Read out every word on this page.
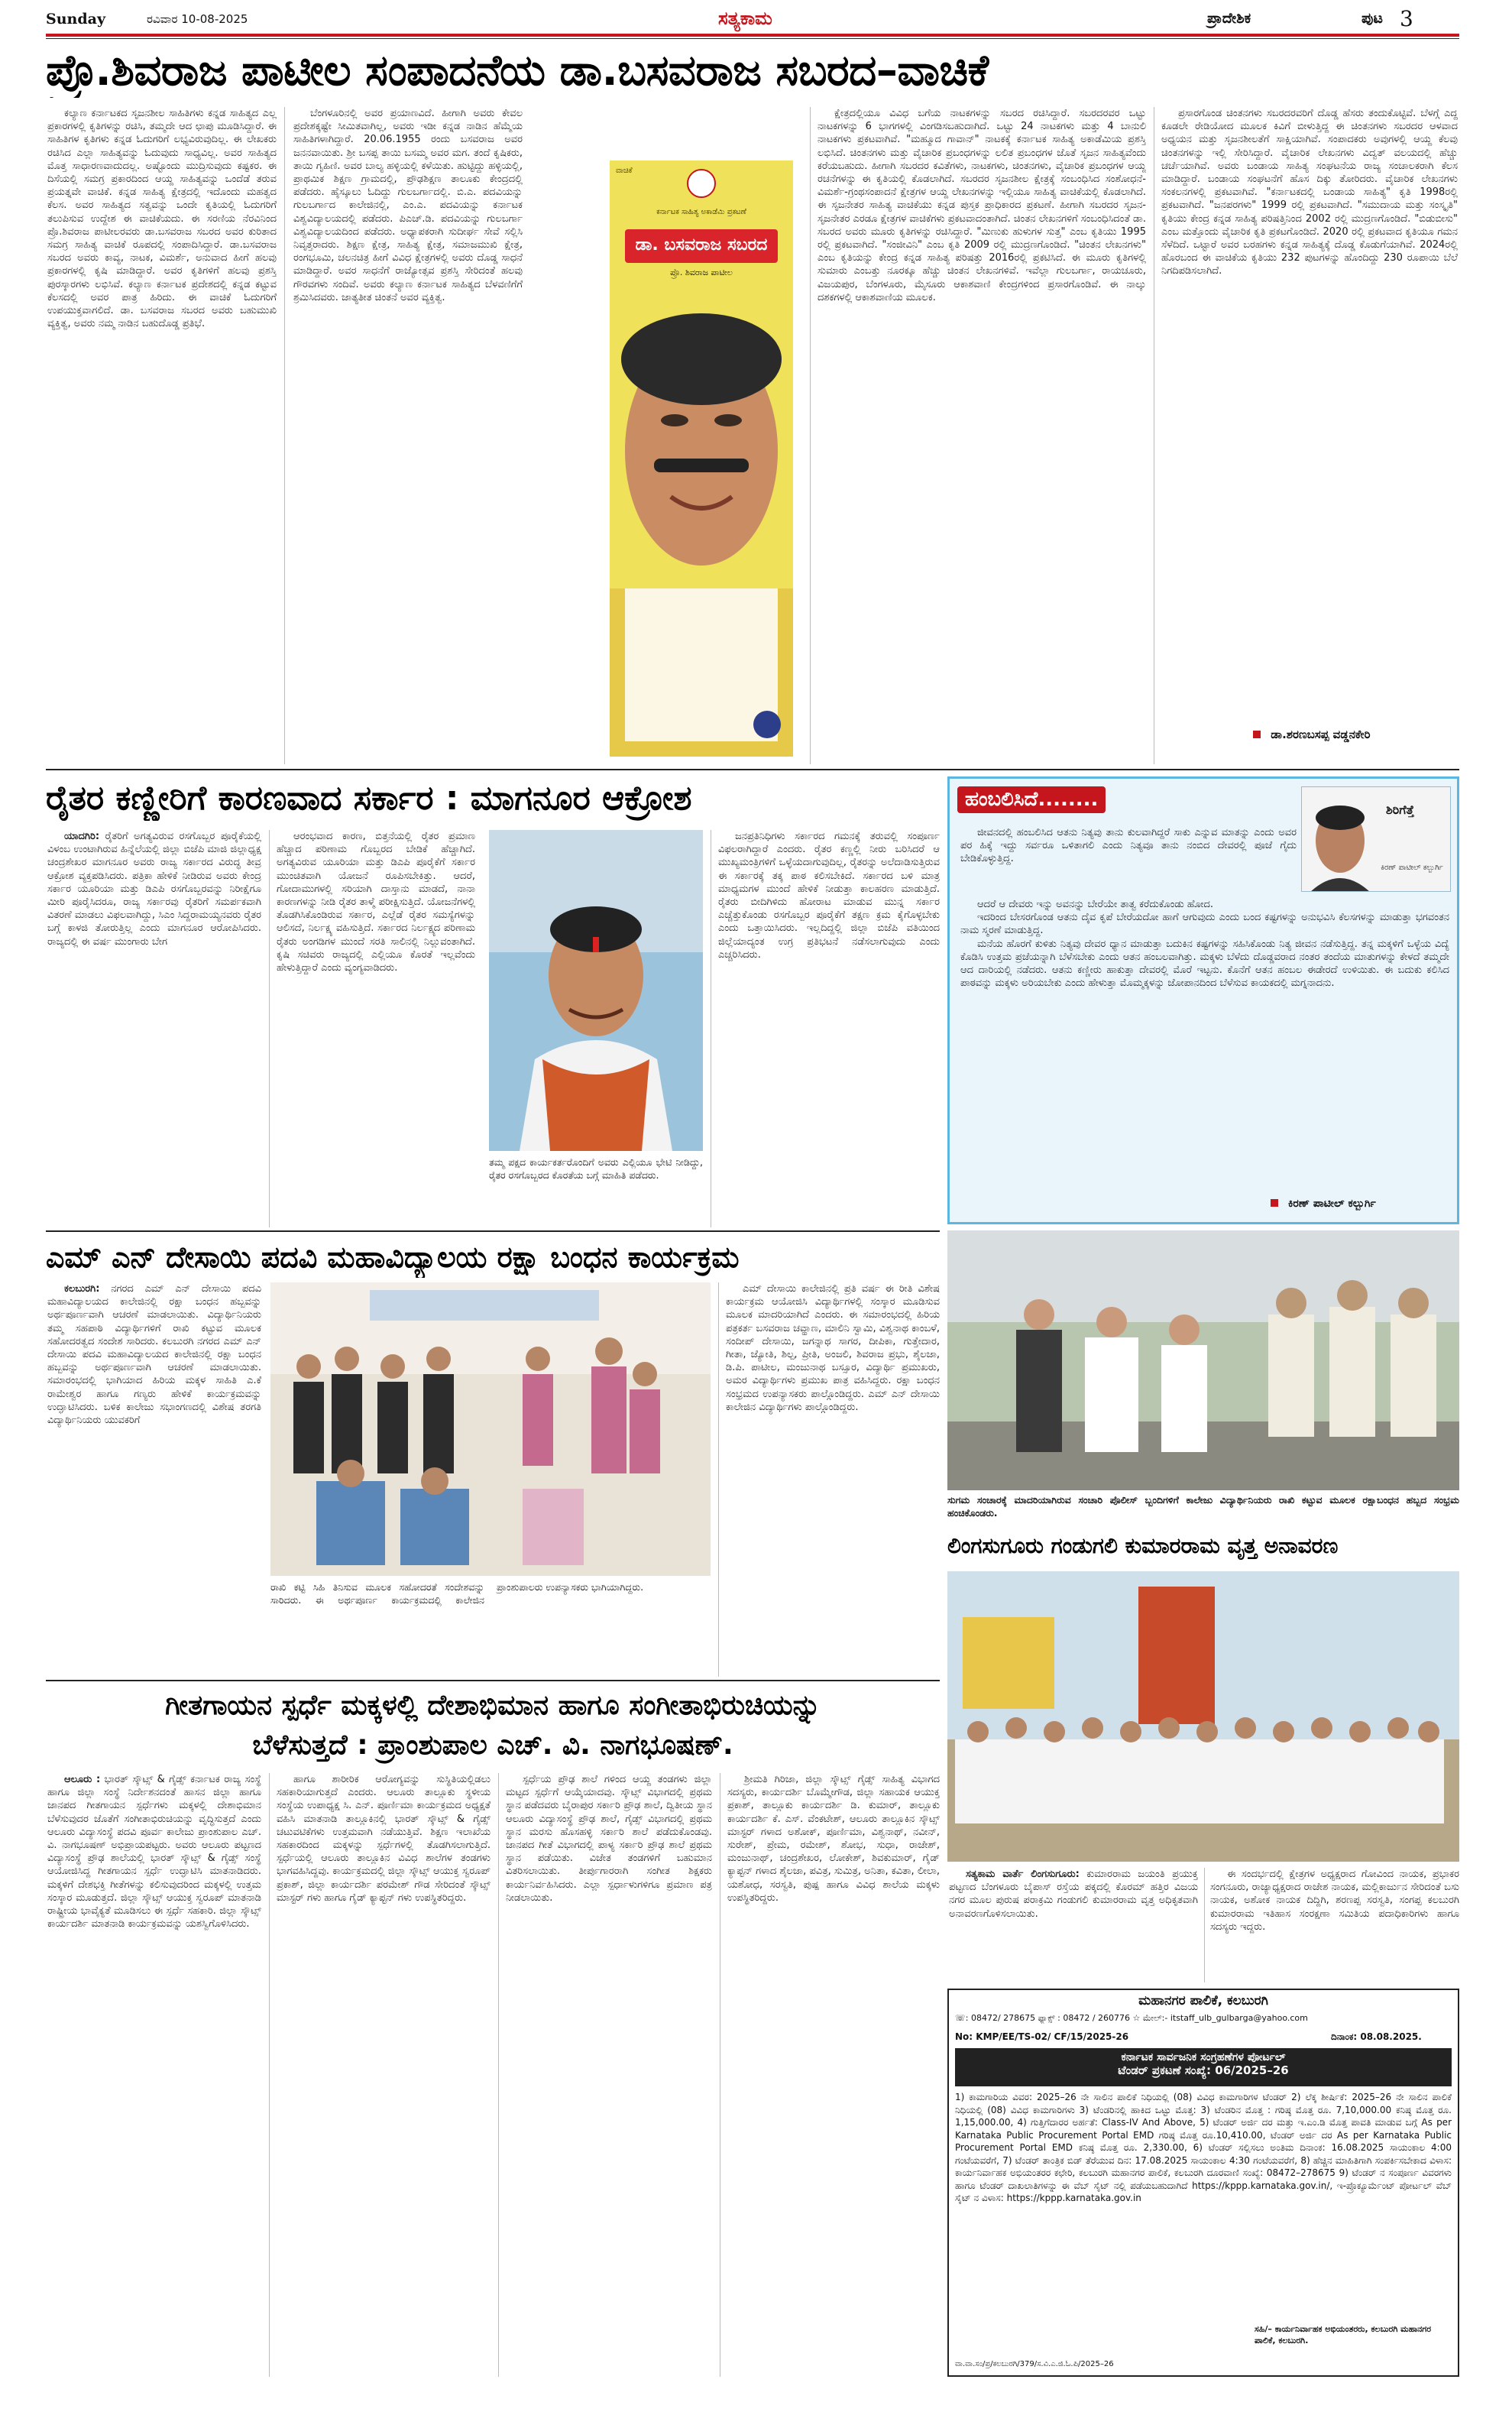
Sunday	ರವಿವಾರ 10-08-2025	ಸತ್ಯಕಾಮ	ಪ್ರಾದೇಶಿಕ	ಪುಟ 3
ಪ್ರೊ.ಶಿವರಾಜ ಪಾಟೀಲ ಸಂಪಾದನೆಯ ಡಾ.ಬಸವರಾಜ ಸಬರದ–ವಾಚಿಕೆ

ಕಲ್ಯಾಣ ಕರ್ನಾಟಕದ ಸೃಜನಶೀಲ ಸಾಹಿತಿಗಳು ಕನ್ನಡ ಸಾಹಿತ್ಯದ ಎಲ್ಲ ಪ್ರಕಾರಗಳಲ್ಲಿ ಕೃತಿಗಳನ್ನು ರಚಿಸಿ, ತಮ್ಮದೇ ಆದ ಛಾಪು ಮೂಡಿಸಿದ್ದಾರೆ. ಈ ಸಾಹಿತಿಗಳ ಕೃತಿಗಳು ಕನ್ನಡ ಓದುಗರಿಗೆ ಲಭ್ಯವಿರುವುದಿಲ್ಲ. ಈ ಲೇಖಕರು ರಚಿಸಿದ ಎಲ್ಲಾ ಸಾಹಿತ್ಯವನ್ನು ಓದುವುದು ಸಾಧ್ಯವಿಲ್ಲ. ಅವರ ಸಾಹಿತ್ಯದ ಮೊತ್ತ ಸಾಧಾರಣವಾದುದಲ್ಲ. ಅಷ್ಟೊಂದು ಮುದ್ರಿಸುವುದು ಕಷ್ಟಕರ. ಈ ದಿಸೆಯಲ್ಲಿ ಸಮಗ್ರ ಪ್ರಕಾರದಿಂದ ಆಯ್ದ ಸಾಹಿತ್ಯವನ್ನು ಒಂದೆಡೆ ತರುವ ಪ್ರಯತ್ನವೇ ವಾಚಿಕೆ. ಕನ್ನಡ ಸಾಹಿತ್ಯ ಕ್ಷೇತ್ರದಲ್ಲಿ ಇದೊಂದು ಮಹತ್ವದ ಕೆಲಸ. ಅವರ ಸಾಹಿತ್ಯದ ಸತ್ವವನ್ನು ಒಂದೇ ಕೃತಿಯಲ್ಲಿ ಓದುಗರಿಗೆ ತಲುಪಿಸುವ ಉದ್ದೇಶ ಈ ವಾಚಿಕೆಯದು. ಈ ಸರಣಿಯ ನೆರವಿನಿಂದ ಪ್ರೊ.ಶಿವರಾಜ ಪಾಟೀಲರವರು ಡಾ.ಬಸವರಾಜ ಸಬರದ ಅವರ ಕುರಿತಾದ ಸಮಗ್ರ ಸಾಹಿತ್ಯ ವಾಚಿಕೆ ರೂಪದಲ್ಲಿ ಸಂಪಾದಿಸಿದ್ದಾರೆ. ಡಾ.ಬಸವರಾಜ ಸಬರದ ಅವರು ಕಾವ್ಯ, ನಾಟಕ, ವಿಮರ್ಶೆ, ಅನುವಾದ ಹೀಗೆ ಹಲವು ಪ್ರಕಾರಗಳಲ್ಲಿ ಕೃಷಿ ಮಾಡಿದ್ದಾರೆ. ಅವರ ಕೃತಿಗಳಿಗೆ ಹಲವು ಪ್ರಶಸ್ತಿ ಪುರಸ್ಕಾರಗಳು ಲಭಿಸಿವೆ. ಕಲ್ಯಾಣ ಕರ್ನಾಟಕ ಪ್ರದೇಶದಲ್ಲಿ ಕನ್ನಡ ಕಟ್ಟುವ ಕೆಲಸದಲ್ಲಿ ಅವರ ಪಾತ್ರ ಹಿರಿದು. ಈ ವಾಚಿಕೆ ಓದುಗರಿಗೆ ಉಪಯುಕ್ತವಾಗಲಿದೆ. ಡಾ. ಬಸವರಾಜ ಸಬರದ ಅವರು ಬಹುಮುಖಿ ವ್ಯಕ್ತಿತ್ವ, ಅವರು ನಮ್ಮ ನಾಡಿನ ಬಹುದೊಡ್ಡ ಪ್ರತಿಭೆ.

ಬೆಂಗಳೂರಿನಲ್ಲಿ ಅವರ ಪ್ರಯಾಣವಿದೆ. ಹೀಗಾಗಿ ಅವರು ಕೇವಲ ಪ್ರದೇಶಕ್ಕಷ್ಟೇ ಸೀಮಿತವಾಗಿಲ್ಲ, ಅವರು ಇಡೀ ಕನ್ನಡ ನಾಡಿನ ಹೆಮ್ಮೆಯ ಸಾಹಿತಿಗಳಾಗಿದ್ದಾರೆ. 20.06.1955 ರಂದು ಬಸವರಾಜ ಅವರ ಜನನವಾಯಿತು. ಶ್ರೀ ಬಸಪ್ಪ ತಾಯಿ ಬಸಮ್ಮ ಅವರ ಮಗ. ತಂದೆ ಕೃಷಿಕರು, ತಾಯಿ ಗೃಹಿಣಿ. ಅವರ ಬಾಲ್ಯ ಹಳ್ಳಿಯಲ್ಲಿ ಕಳೆಯಿತು. ಹುಟ್ಟಿದ್ದು ಹಳ್ಳಿಯಲ್ಲಿ, ಪ್ರಾಥಮಿಕ ಶಿಕ್ಷಣ ಗ್ರಾಮದಲ್ಲಿ, ಪ್ರೌಢಶಿಕ್ಷಣ ತಾಲೂಕು ಕೇಂದ್ರದಲ್ಲಿ ಪಡೆದರು. ಹೈಸ್ಕೂಲು ಓದಿದ್ದು ಗುಲಬರ್ಗಾದಲ್ಲಿ. ಬಿ.ಎ. ಪದವಿಯನ್ನು ಗುಲಬರ್ಗಾದ ಕಾಲೇಜಿನಲ್ಲಿ, ಎಂ.ಎ. ಪದವಿಯನ್ನು ಕರ್ನಾಟಕ ವಿಶ್ವವಿದ್ಯಾಲಯದಲ್ಲಿ ಪಡೆದರು. ಪಿಎಚ್.ಡಿ. ಪದವಿಯನ್ನು ಗುಲಬರ್ಗಾ ವಿಶ್ವವಿದ್ಯಾಲಯದಿಂದ ಪಡೆದರು. ಅಧ್ಯಾಪಕರಾಗಿ ಸುದೀರ್ಘ ಸೇವೆ ಸಲ್ಲಿಸಿ ನಿವೃತ್ತರಾದರು. ಶಿಕ್ಷಣ ಕ್ಷೇತ್ರ, ಸಾಹಿತ್ಯ ಕ್ಷೇತ್ರ, ಸಮಾಜಮುಖಿ ಕ್ಷೇತ್ರ, ರಂಗಭೂಮಿ, ಚಲನಚಿತ್ರ ಹೀಗೆ ವಿವಿಧ ಕ್ಷೇತ್ರಗಳಲ್ಲಿ ಅವರು ದೊಡ್ಡ ಸಾಧನೆ ಮಾಡಿದ್ದಾರೆ. ಅವರ ಸಾಧನೆಗೆ ರಾಜ್ಯೋತ್ಸವ ಪ್ರಶಸ್ತಿ ಸೇರಿದಂತೆ ಹಲವು ಗೌರವಗಳು ಸಂದಿವೆ. ಅವರು ಕಲ್ಯಾಣ ಕರ್ನಾಟಕ ಸಾಹಿತ್ಯದ ಬೆಳವಣಿಗೆಗೆ ಶ್ರಮಿಸಿದವರು. ಜಾತ್ಯತೀತ ಚಿಂತನೆ ಅವರ ವ್ಯಕ್ತಿತ್ವ.

ವಾಚಿಕೆ
ಕರ್ನಾಟಕ ಸಾಹಿತ್ಯ ಅಕಾಡೆಮಿ ಪ್ರಕಟಣೆ
ಡಾ. ಬಸವರಾಜ ಸಬರದ
ಪ್ರೊ. ಶಿವರಾಜ ಪಾಟೀಲ

ಕ್ಷೇತ್ರದಲ್ಲಿಯೂ ವಿವಿಧ ಬಗೆಯ ನಾಟಕಗಳನ್ನು ಸಬರದ ರಚಿಸಿದ್ದಾರೆ. ಸಬರದರವರ ಒಟ್ಟು ನಾಟಕಗಳನ್ನು 6 ಭಾಗಗಳಲ್ಲಿ ವಿಂಗಡಿಸಬಹುದಾಗಿದೆ. ಒಟ್ಟು 24 ನಾಟಕಗಳು ಮತ್ತು 4 ಬಾನುಲಿ ನಾಟಕಗಳು ಪ್ರಕಟವಾಗಿವೆ. "ಮಹ್ಮೂದ ಗಾವಾನ್" ನಾಟಕಕ್ಕೆ ಕರ್ನಾಟಕ ಸಾಹಿತ್ಯ ಅಕಾಡೆಮಿಯ ಪ್ರಶಸ್ತಿ ಲಭಿಸಿದೆ. ಚಿಂತನಗಳು ಮತ್ತು ವೈಚಾರಿಕ ಪ್ರಬಂಧಗಳನ್ನು ಲಲಿತ ಪ್ರಬಂಧಗಳ ಜೊತೆ ಸೃಜನ ಸಾಹಿತ್ಯವೆಂದು ಕರೆಯಬಹುದು. ಹೀಗಾಗಿ ಸಬರದರ ಕವಿತೆಗಳು, ನಾಟಕಗಳು, ಚಿಂತನಗಳು, ವೈಚಾರಿಕ ಪ್ರಬಂಧಗಳ ಆಯ್ದ ರಚನೆಗಳನ್ನು ಈ ಕೃತಿಯಲ್ಲಿ ಕೊಡಲಾಗಿದೆ. ಸಬರದರ ಸೃಜನಶೀಲ ಕ್ಷೇತ್ರಕ್ಕೆ ಸಂಬಂಧಿಸಿದ ಸಂಶೋಧನೆ-ವಿಮರ್ಶೆ-ಗ್ರಂಥಸಂಪಾದನೆ ಕ್ಷೇತ್ರಗಳ ಆಯ್ದ ಲೇಖನಗಳನ್ನು ಇಲ್ಲಿಯೂ ಸಾಹಿತ್ಯ ವಾಚಿಕೆಯಲ್ಲಿ ಕೊಡಲಾಗಿದೆ. ಈ ಸೃಜನೇತರ ಸಾಹಿತ್ಯ ವಾಚಿಕೆಯು ಕನ್ನಡ ಪುಸ್ತಕ ಪ್ರಾಧಿಕಾರದ ಪ್ರಕಟಣೆ. ಹೀಗಾಗಿ ಸಬರದರ ಸೃಜನ-ಸೃಜನೇತರ ಎರಡೂ ಕ್ಷೇತ್ರಗಳ ವಾಚಿಕೆಗಳು ಪ್ರಕಟವಾದಂತಾಗಿದೆ. ಚಿಂತನ ಲೇಖನಗಳಿಗೆ ಸಂಬಂಧಿಸಿದಂತೆ ಡಾ. ಸಬರದ ಅವರು ಮೂರು ಕೃತಿಗಳನ್ನು ರಚಿಸಿದ್ದಾರೆ. "ಮಿಣುಕು ಹುಳುಗಳ ಸುತ್ತ" ಎಂಬ ಕೃತಿಯು 1995 ರಲ್ಲಿ ಪ್ರಕಟವಾಗಿದೆ. "ಸಂಜೀವಿನಿ" ಎಂಬ ಕೃತಿ 2009 ರಲ್ಲಿ ಮುದ್ರಣಗೊಂಡಿದೆ. "ಚಿಂತನ ಲೇಖನಗಳು" ಎಂಬ ಕೃತಿಯನ್ನು ಕೇಂದ್ರ ಕನ್ನಡ ಸಾಹಿತ್ಯ ಪರಿಷತ್ತು 2016ರಲ್ಲಿ ಪ್ರಕಟಿಸಿದೆ. ಈ ಮೂರು ಕೃತಿಗಳಲ್ಲಿ ಸುಮಾರು ಎಂಬತ್ತು ನೂರಕ್ಕೂ ಹೆಚ್ಚು ಚಿಂತನ ಲೇಖನಗಳಿವೆ. ಇವೆಲ್ಲಾ ಗುಲಬರ್ಗಾ, ರಾಯಚೂರು, ವಿಜಯಪುರ, ಬೆಂಗಳೂರು, ಮೈಸೂರು ಆಕಾಶವಾಣಿ ಕೇಂದ್ರಗಳಿಂದ ಪ್ರಸಾರಗೊಂಡಿವೆ. ಈ ನಾಲ್ಕು ದಶಕಗಳಲ್ಲಿ ಆಕಾಶವಾಣಿಯ ಮೂಲಕ.

ಪ್ರಸಾರಗೊಂಡ ಚಿಂತನಗಳು ಸಬರದರವರಿಗೆ ದೊಡ್ಡ ಹೆಸರು ತಂದುಕೊಟ್ಟಿವೆ. ಬೆಳಗ್ಗೆ ಎದ್ದ ಕೂಡಲೇ ರೇಡಿಯೋದ ಮೂಲಕ ಕಿವಿಗೆ ಬೀಳುತ್ತಿದ್ದ ಈ ಚಿಂತನಗಳು ಸಬರದರ ಆಳವಾದ ಅಧ್ಯಯನ ಮತ್ತು ಸೃಜನಶೀಲತೆಗೆ ಸಾಕ್ಷಿಯಾಗಿವೆ. ಸಂಪಾದಕರು ಅವುಗಳಲ್ಲಿ ಆಯ್ದ ಕೆಲವು ಚಿಂತನಗಳನ್ನು ಇಲ್ಲಿ ಸೇರಿಸಿದ್ದಾರೆ. ವೈಚಾರಿಕ ಲೇಖನಗಳು ವಿದ್ವತ್ ವಲಯದಲ್ಲಿ ಹೆಚ್ಚು ಚರ್ಚೆಯಾಗಿವೆ. ಅವರು ಬಂಡಾಯ ಸಾಹಿತ್ಯ ಸಂಘಟನೆಯ ರಾಜ್ಯ ಸಂಚಾಲಕರಾಗಿ ಕೆಲಸ ಮಾಡಿದ್ದಾರೆ. ಬಂಡಾಯ ಸಂಘಟನೆಗೆ ಹೊಸ ದಿಕ್ಕು ತೋರಿದರು. ವೈಚಾರಿಕ ಲೇಖನಗಳು ಸಂಕಲನಗಳಲ್ಲಿ ಪ್ರಕಟವಾಗಿವೆ. "ಕರ್ನಾಟಕದಲ್ಲಿ ಬಂಡಾಯ ಸಾಹಿತ್ಯ" ಕೃತಿ 1998ರಲ್ಲಿ ಪ್ರಕಟವಾಗಿದೆ. "ಜನಪರಗಳು" 1999 ರಲ್ಲಿ ಪ್ರಕಟವಾಗಿದೆ. "ಸಮುದಾಯ ಮತ್ತು ಸಂಸ್ಕೃತಿ" ಕೃತಿಯು ಕೇಂದ್ರ ಕನ್ನಡ ಸಾಹಿತ್ಯ ಪರಿಷತ್ತಿನಿಂದ 2002 ರಲ್ಲಿ ಮುದ್ರಣಗೊಂಡಿದೆ. "ಬಿಡುಬೀಸು" ಎಂಬ ಮತ್ತೊಂದು ವೈಚಾರಿಕ ಕೃತಿ ಪ್ರಕಟಗೊಂಡಿದೆ. 2020 ರಲ್ಲಿ ಪ್ರಕಟವಾದ ಕೃತಿಯೂ ಗಮನ ಸೆಳೆದಿದೆ. ಒಟ್ಟಾರೆ ಅವರ ಬರಹಗಳು ಕನ್ನಡ ಸಾಹಿತ್ಯಕ್ಕೆ ದೊಡ್ಡ ಕೊಡುಗೆಯಾಗಿವೆ. 2024ರಲ್ಲಿ ಹೊರಬಂದ ಈ ವಾಚಿಕೆಯ ಕೃತಿಯು 232 ಪುಟಗಳನ್ನು ಹೊಂದಿದ್ದು 230 ರೂಪಾಯಿ ಬೆಲೆ ನಿಗದಿಪಡಿಸಲಾಗಿದೆ.

ಡಾ.ಶರಣಬಸಪ್ಪ ವಡ್ಡನಕೇರಿ
ರೈತರ ಕಣ್ಣೀರಿಗೆ ಕಾರಣವಾದ ಸರ್ಕಾರ : ಮಾಗನೂರ ಆಕ್ರೋಶ

ಯಾದಗಿರಿ: ರೈತರಿಗೆ ಅಗತ್ಯವಿರುವ ರಸಗೊಬ್ಬರ ಪೂರೈಕೆಯಲ್ಲಿ ವಿಳಂಬ ಉಂಟಾಗಿರುವ ಹಿನ್ನೆಲೆಯಲ್ಲಿ ಜಿಲ್ಲಾ ಬಿಜೆಪಿ ಮಾಜಿ ಜಿಲ್ಲಾಧ್ಯಕ್ಷ ಚಂದ್ರಶೇಖರ ಮಾಗನೂರ ಅವರು ರಾಜ್ಯ ಸರ್ಕಾರದ ವಿರುದ್ಧ ತೀವ್ರ ಆಕ್ರೋಶ ವ್ಯಕ್ತಪಡಿಸಿದರು. ಪತ್ರಿಕಾ ಹೇಳಿಕೆ ನೀಡಿರುವ ಅವರು ಕೇಂದ್ರ ಸರ್ಕಾರ ಯೂರಿಯಾ ಮತ್ತು ಡಿಎಪಿ ರಸಗೊಬ್ಬರವನ್ನು ನಿರೀಕ್ಷೆಗೂ ಮೀರಿ ಪೂರೈಸಿದರೂ, ರಾಜ್ಯ ಸರ್ಕಾರವು ರೈತರಿಗೆ ಸಮರ್ಪಕವಾಗಿ ವಿತರಣೆ ಮಾಡಲು ವಿಫಲವಾಗಿದ್ದು, ಸಿಎಂ ಸಿದ್ದರಾಮಯ್ಯನವರು ರೈತರ ಬಗ್ಗೆ ಕಾಳಜಿ ತೋರುತ್ತಿಲ್ಲ ಎಂದು ಮಾಗನೂರ ಆರೋಪಿಸಿದರು. ರಾಜ್ಯದಲ್ಲಿ ಈ ವರ್ಷ ಮುಂಗಾರು ಬೇಗ

ಆರಂಭವಾದ ಕಾರಣ, ಬಿತ್ತನೆಯಲ್ಲಿ ರೈತರ ಪ್ರಮಾಣ ಹೆಚ್ಚಾದ ಪರಿಣಾಮ ಗೊಬ್ಬರದ ಬೇಡಿಕೆ ಹೆಚ್ಚಾಗಿದೆ. ಅಗತ್ಯವಿರುವ ಯೂರಿಯಾ ಮತ್ತು ಡಿಎಪಿ ಪೂರೈಕೆಗೆ ಸರ್ಕಾರ ಮುಂಚಿತವಾಗಿ ಯೋಜನೆ ರೂಪಿಸಬೇಕಿತ್ತು. ಆದರೆ, ಗೋದಾಮುಗಳಲ್ಲಿ ಸರಿಯಾಗಿ ದಾಸ್ತಾನು ಮಾಡದೆ, ನಾನಾ ಕಾರಣಗಳನ್ನು ನೀಡಿ ರೈತರ ತಾಳ್ಮೆ ಪರೀಕ್ಷಿಸುತ್ತಿದೆ. ಯೋಜನೆಗಳಲ್ಲಿ ತೊಡಗಿಸಿಕೊಂಡಿರುವ ಸರ್ಕಾರ, ಎಲ್ಲೆಡೆ ರೈತರ ಸಮಸ್ಯೆಗಳನ್ನು ಆಲಿಸದೆ, ನಿರ್ಲಕ್ಷ್ಯ ವಹಿಸುತ್ತಿದೆ. ಸರ್ಕಾರದ ನಿರ್ಲಕ್ಷ್ಯದ ಪರಿಣಾಮ ರೈತರು ಅಂಗಡಿಗಳ ಮುಂದೆ ಸರತಿ ಸಾಲಿನಲ್ಲಿ ನಿಲ್ಲುವಂತಾಗಿದೆ. ಕೃಷಿ ಸಚಿವರು ರಾಜ್ಯದಲ್ಲಿ ಎಲ್ಲಿಯೂ ಕೊರತೆ ಇಲ್ಲವೆಂದು ಹೇಳುತ್ತಿದ್ದಾರೆ ಎಂದು ವ್ಯಂಗ್ಯವಾಡಿದರು.

ತಮ್ಮ ಪಕ್ಷದ ಕಾರ್ಯಕರ್ತರೊಂದಿಗೆ ಅವರು ಎಲ್ಲಿಯೂ ಭೇಟಿ ನೀಡಿದ್ದು, ರೈತರ ರಸಗೊಬ್ಬರದ ಕೊರತೆಯ ಬಗ್ಗೆ ಮಾಹಿತಿ ಪಡೆದರು.

ಜನಪ್ರತಿನಿಧಿಗಳು ಸರ್ಕಾರದ ಗಮನಕ್ಕೆ ತರುವಲ್ಲಿ ಸಂಪೂರ್ಣ ವಿಫಲರಾಗಿದ್ದಾರೆ ಎಂದರು. ರೈತರ ಕಣ್ಣಲ್ಲಿ ನೀರು ಬರಿಸಿದರೆ ಆ ಮುಖ್ಯಮಂತ್ರಿಗಳಿಗೆ ಒಳ್ಳೆಯದಾಗುವುದಿಲ್ಲ, ರೈತರನ್ನು ಅಲೆದಾಡಿಸುತ್ತಿರುವ ಈ ಸರ್ಕಾರಕ್ಕೆ ತಕ್ಕ ಪಾಠ ಕಲಿಸಬೇಕಿದೆ. ಸರ್ಕಾರದ ಬಳಿ ಮಾತ್ರ ಮಾಧ್ಯಮಗಳ ಮುಂದೆ ಹೇಳಿಕೆ ನೀಡುತ್ತಾ ಕಾಲಹರಣ ಮಾಡುತ್ತಿದೆ. ರೈತರು ಬೀದಿಗಿಳಿದು ಹೋರಾಟ ಮಾಡುವ ಮುನ್ನ ಸರ್ಕಾರ ಎಚ್ಚೆತ್ತುಕೊಂಡು ರಸಗೊಬ್ಬರ ಪೂರೈಕೆಗೆ ತಕ್ಷಣ ಕ್ರಮ ಕೈಗೊಳ್ಳಬೇಕು ಎಂದು ಒತ್ತಾಯಿಸಿದರು. ಇಲ್ಲದಿದ್ದಲ್ಲಿ ಜಿಲ್ಲಾ ಬಿಜೆಪಿ ವತಿಯಿಂದ ಜಿಲ್ಲೆಯಾದ್ಯಂತ ಉಗ್ರ ಪ್ರತಿಭಟನೆ ನಡೆಸಲಾಗುವುದು ಎಂದು ಎಚ್ಚರಿಸಿದರು.

ಹಂಬಲಿಸಿದೆ........	ಶಿರಿಗೆತ್ತೆ
ಕಿರಣ್ ಪಾಟೀಲ್ ಕಲ್ಬುರ್ಗಿ

ಜೀವನದಲ್ಲಿ ಹಂಬಲಿಸಿದ ಆತನು ನಿತ್ಯವು ತಾನು ಕುಲವಾಗಿದ್ದರೆ ಸಾಕು ಎನ್ನುವ ಮಾತನ್ನು ಎಂದು ಅವರ ಪರ ಹಿಕ್ಕೆ ಇದ್ದು ಸರ್ವರೂ ಒಳಿತಾಗಲಿ ಎಂದು ನಿತ್ಯವೂ ತಾನು ನಂಬಿದ ದೇವರಲ್ಲಿ ಪೂಜೆ ಗೈದು ಬೇಡಿಕೊಳ್ಳುತ್ತಿದ್ದ.

ಆದರೆ ಆ ದೇವರು ಇನ್ನು ಅವನನ್ನು ಬೇರೆಯೇ ತಾತ್ವ ಕರೆದುಕೊಂಡು ಹೋದ.

ಇದರಿಂದ ಬೇಸರಗೊಂಡ ಆತನು ದೈವ ಕೃಪೆ ಬೇರೆಯದೋ ಹಾಗೆ ಆಗುವುದು ಎಂದು ಬಂದ ಕಷ್ಟಗಳನ್ನು ಅನುಭವಿಸಿ ಕೆಲಸಗಳನ್ನು ಮಾಡುತ್ತಾ ಭಗವಂತನ ನಾಮ ಸ್ಮರಣೆ ಮಾಡುತ್ತಿದ್ದ.

ಮನೆಯ ಹೊರಗೆ ಕುಳಿತು ನಿತ್ಯವು ದೇವರ ಧ್ಯಾನ ಮಾಡುತ್ತಾ ಬದುಕಿನ ಕಷ್ಟಗಳನ್ನು ಸಹಿಸಿಕೊಂಡು ನಿತ್ಯ ಜೀವನ ನಡೆಸುತ್ತಿದ್ದ. ತನ್ನ ಮಕ್ಕಳಿಗೆ ಒಳ್ಳೆಯ ವಿದ್ಯೆ ಕೊಡಿಸಿ ಉತ್ತಮ ಪ್ರಜೆಯನ್ನಾಗಿ ಬೆಳೆಸಬೇಕು ಎಂದು ಆತನ ಹಂಬಲವಾಗಿತ್ತು. ಮಕ್ಕಳು ಬೆಳೆದು ದೊಡ್ಡವರಾದ ನಂತರ ತಂದೆಯ ಮಾತುಗಳನ್ನು ಕೇಳದೆ ತಮ್ಮದೇ ಆದ ದಾರಿಯಲ್ಲಿ ನಡೆದರು. ಆತನು ಕಣ್ಣೀರು ಹಾಕುತ್ತಾ ದೇವರಲ್ಲಿ ಮೊರೆ ಇಟ್ಟನು. ಕೊನೆಗೆ ಆತನ ಹಂಬಲ ಈಡೇರದೆ ಉಳಿಯಿತು. ಈ ಬದುಕು ಕಲಿಸಿದ ಪಾಠವನ್ನು ಮಕ್ಕಳು ಅರಿಯಬೇಕು ಎಂದು ಹೇಳುತ್ತಾ ಮೊಮ್ಮಕ್ಕಳನ್ನು ಜೋಪಾನದಿಂದ ಬೆಳೆಸುವ ಕಾಯಕದಲ್ಲಿ ಮಗ್ನನಾದನು.

ಕಿರಣ್ ಪಾಟೀಲ್ ಕಲ್ಬುರ್ಗಿ
ಸುಗಮ ಸಂಚಾರಕ್ಕೆ ಮಾದರಿಯಾಗಿರುವ ಸಂಚಾರಿ ಪೊಲೀಸ್ ಬ್ಬಂದಿಗಳಿಗೆ ಕಾಲೇಜು ವಿದ್ಯಾರ್ಥಿನಿಯರು ರಾಖಿ ಕಟ್ಟುವ ಮೂಲಕ ರಕ್ಷಾಬಂಧನ ಹಬ್ಬದ ಸಂಭ್ರಮ ಹಂಚಿಕೊಂಡರು.
ಎಮ್ ಎನ್ ದೇಸಾಯಿ ಪದವಿ ಮಹಾವಿದ್ಯಾಲಯ ರಕ್ಷಾ ಬಂಧನ ಕಾರ್ಯಕ್ರಮ

ಕಲಬುರಗಿ: ನಗರದ ಎಮ್ ಎನ್ ದೇಸಾಯಿ ಪದವಿ ಮಹಾವಿದ್ಯಾಲಯದ ಕಾಲೇಜಿನಲ್ಲಿ ರಕ್ಷಾ ಬಂಧನ ಹಬ್ಬವನ್ನು ಅರ್ಥಪೂರ್ಣವಾಗಿ ಆಚರಣೆ ಮಾಡಲಾಯಿತು. ವಿದ್ಯಾರ್ಥಿನಿಯರು ತಮ್ಮ ಸಹಪಾಠಿ ವಿದ್ಯಾರ್ಥಿಗಳಿಗೆ ರಾಖಿ ಕಟ್ಟುವ ಮೂಲಕ ಸಹೋದರತ್ವದ ಸಂದೇಶ ಸಾರಿದರು. ಕಲಬುರಗಿ ನಗರದ ಎಮ್ ಎನ್ ದೇಸಾಯಿ ಪದವಿ ಮಹಾವಿದ್ಯಾಲಯದ ಕಾಲೇಜಿನಲ್ಲಿ ರಕ್ಷಾ ಬಂಧನ ಹಬ್ಬವನ್ನು ಅರ್ಥಪೂರ್ಣವಾಗಿ ಆಚರಣೆ ಮಾಡಲಾಯಿತು. ಸಮಾರಂಭದಲ್ಲಿ ಭಾಗಿಯಾದ ಹಿರಿಯ ಮಕ್ಕಳ ಸಾಹಿತಿ ಎ.ಕೆ ರಾಮೇಶ್ವರ ಹಾಗೂ ಗಣ್ಯರು ಹೇಳಿಕೆ ಕಾರ್ಯಕ್ರಮವನ್ನು ಉದ್ಘಾಟಿಸಿದರು. ಬಳಿಕ ಕಾಲೇಜು ಸಭಾಂಗಣದಲ್ಲಿ ವಿಶೇಷ ತರಗತಿ ವಿದ್ಯಾರ್ಥಿನಿಯರು ಯುವಕರಿಗೆ

ರಾಖಿ ಕಟ್ಟಿ ಸಿಹಿ ತಿನಿಸುವ ಮೂಲಕ ಸಹೋದರತೆ ಸಂದೇಶವನ್ನು ಸಾರಿದರು. ಈ ಅರ್ಥಪೂರ್ಣ ಕಾರ್ಯಕ್ರಮದಲ್ಲಿ ಕಾಲೇಜಿನ ಪ್ರಾಂಶುಪಾಲರು ಉಪನ್ಯಾಸಕರು ಭಾಗಿಯಾಗಿದ್ದರು.

ಎಮ್ ದೇಸಾಯಿ ಕಾಲೇಜಿನಲ್ಲಿ ಪ್ರತಿ ವರ್ಷ ಈ ರೀತಿ ವಿಶೇಷ ಕಾರ್ಯಕ್ರಮ ಆಯೋಜಿಸಿ ವಿದ್ಯಾರ್ಥಿಗಳಲ್ಲಿ ಸಂಸ್ಕಾರ ಮೂಡಿಸುವ ಮೂಲಕ ಮಾದರಿಯಾಗಿದೆ ಎಂದರು. ಈ ಸಮಾರಂಭದಲ್ಲಿ ಹಿರಿಯ ಪತ್ರಕರ್ತ ಬಸವರಾಜ ಚವ್ಹಾಣ, ಮಾಲಿನಿ ಸ್ವಾಮಿ, ವಿಶ್ವನಾಥ ಕಾಂಬಳೆ, ಸಂದೀಪ್ ದೇಸಾಯಿ, ಜಗನ್ನಾಥ ಸಾಗರ, ದೀಪಿಕಾ, ಗುತ್ತೇದಾರ, ಗೀತಾ, ಜ್ಯೋತಿ, ಶಿಲ್ಪ, ಪ್ರೀತಿ, ಅಂಜಲಿ, ಶಿವರಾಜ ಪ್ರಭು, ಶೈಲಜಾ, ಡಿ.ಪಿ. ಪಾಟೀಲ, ಮಂಜುನಾಥ ಬಸ್ಸೂರ, ವಿದ್ಯಾರ್ಥಿ ಪ್ರಮುಖರು, ಅಮರ ವಿದ್ಯಾರ್ಥಿಗಳು ಪ್ರಮುಖ ಪಾತ್ರ ವಹಿಸಿದ್ದರು. ರಕ್ಷಾ ಬಂಧನ ಸಂಭ್ರಮದ ಉಪನ್ಯಾಸಕರು ಪಾಲ್ಗೊಂಡಿದ್ದರು. ಎಮ್ ಎನ್ ದೇಸಾಯಿ ಕಾಲೇಜಿನ ವಿದ್ಯಾರ್ಥಿಗಳು ಪಾಲ್ಗೊಂಡಿದ್ದರು.

ಲಿಂಗಸುಗೂರು ಗಂಡುಗಲಿ ಕುಮಾರರಾಮ ವೃತ್ತ ಅನಾವರಣ

ಸತ್ಯಕಾಮ ವಾರ್ತೆ ಲಿಂಗಸುಗೂರು: ಕುಮಾರರಾಮ ಜಯಂತಿ ಪ್ರಯುಕ್ತ ಪಟ್ಟಣದ ಬೆಂಗಳೂರು ಬೈಪಾಸ್ ರಸ್ತೆಯ ಪಕ್ಕದಲ್ಲಿ ಕೊರಮ್ ಹತ್ತಿರ ವಿಜಯ ನಗರ ಮೂಲ ಪುರುಷ ಪರಾಕ್ರಮಿ ಗಂಡುಗಲಿ ಕುಮಾರರಾಮ ವೃತ್ತ ಅಧಿಕೃತವಾಗಿ ಅನಾವರಣಗೊಳಿಸಲಾಯಿತು.

ಈ ಸಂದರ್ಭದಲ್ಲಿ ಕ್ಷೇತ್ರಗಳ ಅಧ್ಯಕ್ಷರಾದ ಗೋವಿಂದ ನಾಯಕ, ಪ್ರಭಾಕರ ಸಂಗನೂರು, ರಾಜ್ಯಾಧ್ಯಕ್ಷರಾದ ರಾಜೇಶ ನಾಯಕ, ಮಲ್ಲಿಕಾರ್ಜುನ ಸೇರಿದಂತೆ ಬಸು ನಾಯಕ, ಅಶೋಕ ನಾಯಕ ದಿದ್ದಿಗಿ, ಶರಣಪ್ಪ ಸರಸ್ವತಿ, ಸಂಗಪ್ಪ ಕಲಬುರಗಿ ಕುಮಾರರಾಮ ಇತಿಹಾಸ ಸಂರಕ್ಷಣಾ ಸಮಿತಿಯ ಪದಾಧಿಕಾರಿಗಳು ಹಾಗೂ ಸದಸ್ಯರು ಇದ್ದರು.

ಗೀತಗಾಯನ ಸ್ಪರ್ಧೆ ಮಕ್ಕಳಲ್ಲಿ ದೇಶಾಭಿಮಾನ ಹಾಗೂ ಸಂಗೀತಾಭಿರುಚಿಯನ್ನು
ಬೆಳೆಸುತ್ತದೆ : ಪ್ರಾಂಶುಪಾಲ ಎಚ್. ವಿ. ನಾಗಭೂಷಣ್.

ಆಲೂರು : ಭಾರತ್ ಸ್ಕೌಟ್ಸ್ & ಗೈಡ್ಸ್ ಕರ್ನಾಟಕ ರಾಜ್ಯ ಸಂಸ್ಥೆ ಹಾಗೂ ಜಿಲ್ಲಾ ಸಂಸ್ಥೆ ನಿರ್ದೇಶನದಂತೆ ಹಾಸನ ಜಿಲ್ಲಾ ಹಾಗೂ ಜಾನಪದ ಗೀತಗಾಯನ ಸ್ಪರ್ಧೆಗಳು ಮಕ್ಕಳಲ್ಲಿ ದೇಶಾಭಿಮಾನ ಬೆಳೆಸುವುದರ ಜೊತೆಗೆ ಸಂಗೀತಾಭಿರುಚಿಯನ್ನು ವೃದ್ಧಿಸುತ್ತದೆ ಎಂದು ಆಲೂರು ವಿದ್ಯಾಸಂಸ್ಥೆ ಪದವಿ ಪೂರ್ವ ಕಾಲೇಜು ಪ್ರಾಂಶುಪಾಲ ಎಚ್. ವಿ. ನಾಗಭೂಷಣ್ ಅಭಿಪ್ರಾಯಪಟ್ಟರು. ಅವರು ಆಲೂರು ಪಟ್ಟಣದ ವಿದ್ಯಾಸಂಸ್ಥೆ ಪ್ರೌಢ ಶಾಲೆಯಲ್ಲಿ ಭಾರತ್ ಸ್ಕೌಟ್ಸ್ & ಗೈಡ್ಸ್ ಸಂಸ್ಥೆ ಆಯೋಜಿಸಿದ್ದ ಗೀತಗಾಯನ ಸ್ಪರ್ಧೆ ಉದ್ಘಾಟಿಸಿ ಮಾತನಾಡಿದರು. ಮಕ್ಕಳಿಗೆ ದೇಶಭಕ್ತಿ ಗೀತೆಗಳನ್ನು ಕಲಿಸುವುದರಿಂದ ಮಕ್ಕಳಲ್ಲಿ ಉತ್ತಮ ಸಂಸ್ಕಾರ ಮೂಡುತ್ತದೆ. ಜಿಲ್ಲಾ ಸ್ಕೌಟ್ಸ್ ಆಯುಕ್ತ ಸ್ವರೂಪ್ ಮಾತನಾಡಿ ರಾಷ್ಟ್ರೀಯ ಭಾವೈಕ್ಯತೆ ಮೂಡಿಸಲು ಈ ಸ್ಪರ್ಧೆ ಸಹಕಾರಿ. ಜಿಲ್ಲಾ ಸ್ಕೌಟ್ಸ್ ಕಾರ್ಯದರ್ಶಿ ಮಾತನಾಡಿ ಕಾರ್ಯಕ್ರಮವನ್ನು ಯಶಸ್ವಿಗೊಳಿಸಿದರು.

ಹಾಗೂ ಶಾರೀರಿಕ ಆರೋಗ್ಯವನ್ನು ಸುಸ್ಥಿತಿಯಲ್ಲಿಡಲು ಸಹಕಾರಿಯಾಗುತ್ತದೆ ಎಂದರು. ಆಲೂರು ತಾಲ್ಲೂಕು ಸ್ಥಳೀಯ ಸಂಸ್ಥೆಯ ಉಪಾಧ್ಯಕ್ಷ ಸಿ. ಎನ್. ಪೂರ್ಣಿಮಾ ಕಾರ್ಯಕ್ರಮದ ಅಧ್ಯಕ್ಷತೆ ವಹಿಸಿ ಮಾತನಾಡಿ ತಾಲ್ಲೂಕಿನಲ್ಲಿ ಭಾರತ್ ಸ್ಕೌಟ್ಸ್ & ಗೈಡ್ಸ್ ಚಟುವಟಿಕೆಗಳು ಉತ್ತಮವಾಗಿ ನಡೆಯುತ್ತಿವೆ. ಶಿಕ್ಷಣ ಇಲಾಖೆಯ ಸಹಕಾರದಿಂದ ಮಕ್ಕಳನ್ನು ಸ್ಪರ್ಧೆಗಳಲ್ಲಿ ತೊಡಗಿಸಲಾಗುತ್ತಿದೆ. ಸ್ಪರ್ಧೆಯಲ್ಲಿ ಆಲೂರು ತಾಲ್ಲೂಕಿನ ವಿವಿಧ ಶಾಲೆಗಳ ತಂಡಗಳು ಭಾಗವಹಿಸಿದ್ದವು. ಕಾರ್ಯಕ್ರಮದಲ್ಲಿ ಜಿಲ್ಲಾ ಸ್ಕೌಟ್ಸ್ ಆಯುಕ್ತ ಸ್ವರೂಪ್ ಪ್ರಕಾಶ್, ಜಿಲ್ಲಾ ಕಾರ್ಯದರ್ಶಿ ಪರಮೇಶ್ ಗೌಡ ಸೇರಿದಂತೆ ಸ್ಕೌಟ್ಸ್ ಮಾಸ್ಟರ್ ಗಳು ಹಾಗೂ ಗೈಡ್ ಕ್ಯಾಪ್ಟನ್ ಗಳು ಉಪಸ್ಥಿತರಿದ್ದರು.

ಸ್ಪರ್ಧೆಯ ಪ್ರೌಢ ಶಾಲೆ ಗಳಿಂದ ಆಯ್ದ ತಂಡಗಳು ಜಿಲ್ಲಾ ಮಟ್ಟದ ಸ್ಪರ್ಧೆಗೆ ಆಯ್ಕೆಯಾದವು. ಸ್ಕೌಟ್ಸ್ ವಿಭಾಗದಲ್ಲಿ ಪ್ರಥಮ ಸ್ಥಾನ ಪಡೆದವರು ಬೈರಾಪುರ ಸರ್ಕಾರಿ ಪ್ರೌಢ ಶಾಲೆ, ದ್ವಿತೀಯ ಸ್ಥಾನ ಆಲೂರು ವಿದ್ಯಾಸಂಸ್ಥೆ ಪ್ರೌಢ ಶಾಲೆ, ಗೈಡ್ಸ್ ವಿಭಾಗದಲ್ಲಿ ಪ್ರಥಮ ಸ್ಥಾನ ಮರಸು ಹೊಸಹಳ್ಳಿ ಸರ್ಕಾರಿ ಶಾಲೆ ಪಡೆದುಕೊಂಡವು. ಜಾನಪದ ಗೀತೆ ವಿಭಾಗದಲ್ಲಿ ಪಾಳ್ಯ ಸರ್ಕಾರಿ ಪ್ರೌಢ ಶಾಲೆ ಪ್ರಥಮ ಸ್ಥಾನ ಪಡೆಯಿತು. ವಿಜೇತ ತಂಡಗಳಿಗೆ ಬಹುಮಾನ ವಿತರಿಸಲಾಯಿತು. ತೀರ್ಪುಗಾರರಾಗಿ ಸಂಗೀತ ಶಿಕ್ಷಕರು ಕಾರ್ಯನಿರ್ವಹಿಸಿದರು. ಎಲ್ಲಾ ಸ್ಪರ್ಧಾಳುಗಳಿಗೂ ಪ್ರಮಾಣ ಪತ್ರ ನೀಡಲಾಯಿತು.

ಶ್ರೀಮತಿ ಗಿರಿಜಾ, ಜಿಲ್ಲಾ ಸ್ಕೌಟ್ಸ್ ಗೈಡ್ಸ್ ಸಾಹಿತ್ಯ ವಿಭಾಗದ ಸದಸ್ಯರು, ಕಾರ್ಯದರ್ಶಿ ಬೊಮ್ಮೇಗೌಡ, ಜಿಲ್ಲಾ ಸಹಾಯಕ ಆಯುಕ್ತ ಪ್ರಕಾಶ್, ತಾಲ್ಲೂಕು ಕಾರ್ಯದರ್ಶಿ ಡಿ. ಕುಮಾರ್, ತಾಲ್ಲೂಕು ಕಾರ್ಯದರ್ಶಿ ಕೆ. ಎಸ್. ವೆಂಕಟೇಶ್, ಆಲೂರು ತಾಲ್ಲೂಕಿನ ಸ್ಕೌಟ್ಸ್ ಮಾಸ್ಟರ್ ಗಳಾದ ಅಶೋಕ್, ಪೂರ್ಣಿಮಾ, ವಿಶ್ವನಾಥ್, ನವೀನ್, ಸುರೇಶ್, ಪ್ರೇಮ, ರಮೇಶ್, ಶೋಭ, ಸುಧಾ, ರಾಜೇಶ್, ಮಂಜುನಾಥ್, ಚಂದ್ರಶೇಖರ, ಲೋಕೇಶ್, ಶಿವಕುಮಾರ್, ಗೈಡ್ ಕ್ಯಾಪ್ಟನ್ ಗಳಾದ ಶೈಲಜಾ, ಪವಿತ್ರ, ಸುಮಿತ್ರ, ಅನಿತಾ, ಕವಿತಾ, ಲೀಲಾ, ಯಶೋಧ, ಸರಸ್ವತಿ, ಪುಷ್ಪ ಹಾಗೂ ವಿವಿಧ ಶಾಲೆಯ ಮಕ್ಕಳು ಉಪಸ್ಥಿತರಿದ್ದರು.

ಮಹಾನಗರ ಪಾಲಿಕೆ, ಕಲಬುರಗಿ
☏: 08472/ 278675 ಫ್ಯಾಕ್ಸ್ : 08472 / 260776 ☆ ಮೇಲ್:- itstaff_ulb_gulbarga@yahoo.com
No: KMP/EE/TS-02/ CF/15/2025-26	ದಿನಾಂಕ: 08.08.2025.
ಕರ್ನಾಟಕ ಸಾರ್ವಜನಿಕ ಸಂಗ್ರಹಣೆಗಳ ಪೋರ್ಟಲ್
ಟೆಂಡರ್ ಪ್ರಕಟಣೆ ಸಂಖ್ಯೆ: 06/2025–26
1) ಕಾಮಗಾರಿಯ ವಿವರ: 2025–26 ನೇ ಸಾಲಿನ ಪಾಲಿಕೆ ನಿಧಿಯಲ್ಲಿ (08) ವಿವಿಧ ಕಾಮಗಾರಿಗಳ ಟೆಂಡರ್ 2) ಲೆಕ್ಕ ಶೀರ್ಷಿಕೆ: 2025–26 ನೇ ಸಾಲಿನ ಪಾಲಿಕೆ ನಿಧಿಯಲ್ಲಿ (08) ವಿವಿಧ ಕಾಮಗಾರಿಗಳು 3) ಟೆಂಡರಿನಲ್ಲಿ ಹಾಕಿದ ಒಟ್ಟು ಮೊತ್ತ: 3) ಟೆಂಡರಿನ ಮೊತ್ತ : ಗರಿಷ್ಠ ಮೊತ್ತ ರೂ. 7,10,000.00 ಕನಿಷ್ಠ ಮೊತ್ತ ರೂ. 1,15,000.00, 4) ಗುತ್ತಿಗೆದಾರರ ಅರ್ಹತೆ: Class-IV And Above, 5) ಟೆಂಡರ್ ಅರ್ಜಿ ದರ ಮತ್ತು ಇ.ಎಂ.ಡಿ ಮೊತ್ತ ಪಾವತಿ ಮಾಡುವ ಬಗ್ಗೆ As per Karnataka Public Procurement Portal EMD ಗರಿಷ್ಠ ಮೊತ್ತ ರೂ.10,410.00, ಟೆಂಡರ್ ಅರ್ಜಿ ದರ As per Karnataka Public Procurement Portal EMD ಕನಿಷ್ಠ ಮೊತ್ತ ರೂ. 2,330.00, 6) ಟೆಂಡರ್ ಸಲ್ಲಿಸಲು ಅಂತಿಮ ದಿನಾಂಕ: 16.08.2025 ಸಾಯಂಕಾಲ 4:00 ಗಂಟೆಯವರೆಗೆ, 7) ಟೆಂಡರ್ ತಾಂತ್ರಿಕ ಬಿಡ್ ತೆರೆಯುವ ದಿನ: 17.08.2025 ಸಾಯಂಕಾಲ 4:30 ಗಂಟೆಯವರೆಗೆ, 8) ಹೆಚ್ಚಿನ ಮಾಹಿತಿಗಾಗಿ ಸಂಪರ್ಕಿಸಬೇಕಾದ ವಿಳಾಸ: ಕಾರ್ಯನಿರ್ವಾಹಕ ಅಭಿಯಂತರರ ಕಛೇರಿ, ಕಲಬುರಗಿ ಮಹಾನಗರ ಪಾಲಿಕೆ, ಕಲಬುರಗಿ ದೂರವಾಣಿ ಸಂಖ್ಯೆ: 08472–278675 9) ಟೆಂಡರ್ ನ ಸಂಪೂರ್ಣ ವಿವರಗಳು ಹಾಗೂ ಟೆಂಡರ್ ದಾಖಲಾತಿಗಳನ್ನು ಈ ವೆಬ್ ಸೈಟ್ ನಲ್ಲಿ ಪಡೆಯಬಹುದಾಗಿದೆ https://kppp.karnataka.gov.in/, ಇ-ಪ್ರೊಕ್ಯೂರ್ಮೆಂಟ್ ಪೋರ್ಟಲ್ ವೆಬ್ ಸೈಟ್ ನ ವಿಳಾಸ: https://kppp.karnataka.gov.in
ಸಹಿ/– ಕಾರ್ಯನಿರ್ವಾಹಕ ಅಭಿಯಂತರರು, ಕಲಬುರಗಿ ಮಹಾನಗರ ಪಾಲಿಕೆ, ಕಲಬುರಗಿ.
ವಾ.ವಾ.ಸಂ/ಪ್ರ/ಕಲಬುರಗಿ/379/ಸ.ವಿ.ಎ.ಜಿ.ಓ.ಪಿ/2025–26
